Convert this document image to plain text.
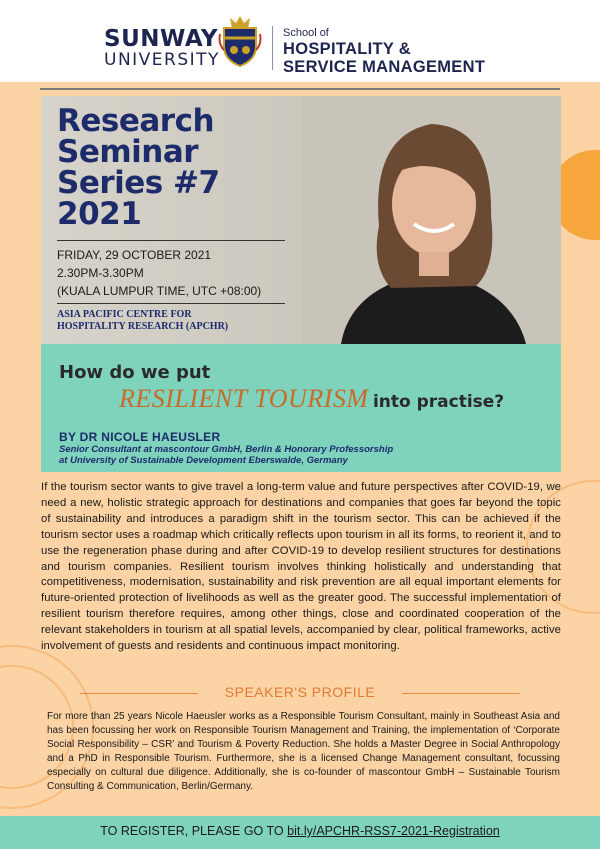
SUNWAY
UNIVERSITY
School of
HOSPITALITY &
SERVICE MANAGEMENT
Research
Seminar
Series #7
2021
FRIDAY, 29 OCTOBER 2021
2.30PM-3.30PM
(KUALA LUMPUR TIME, UTC +08:00)
ASIA PACIFIC CENTRE FOR
HOSPITALITY RESEARCH (APCHR)
How do we put
RESILIENT TOURISM into practise?
BY DR NICOLE HAEUSLER
Senior Consultant at mascontour GmbH, Berlin & Honorary Professorship
at University of Sustainable Development Eberswalde, Germany
If the tourism sector wants to give travel a long-term value and future perspectives after COVID-19, we need a new, holistic strategic approach for destinations and companies that goes far beyond the topic of sustainability and introduces a paradigm shift in the tourism sector. This can be achieved if the tourism sector uses a roadmap which critically reflects upon tourism in all its forms, to reorient it, and to use the regeneration phase during and after COVID-19 to develop resilient structures for destinations and tourism companies. Resilient tourism involves thinking holistically and understanding that competitiveness, modernisation, sustainability and risk prevention are all equal important elements for future-oriented protection of livelihoods as well as the greater good. The successful implementation of resilient tourism therefore requires, among other things, close and coordinated cooperation of the relevant stakeholders in tourism at all spatial levels, accompanied by clear, political frameworks, active involvement of guests and residents and continuous impact monitoring.
SPEAKER'S PROFILE
For more than 25 years Nicole Haeusler works as a Responsible Tourism Consultant, mainly in Southeast Asia and has been focussing her work on Responsible Tourism Management and Training, the implementation of ‘Corporate Social Responsibility – CSR’ and Tourism & Poverty Reduction. She holds a Master Degree in Social Anthropology and a PhD in Responsible Tourism. Furthermore, she is a licensed Change Management consultant, focussing especially on cultural due diligence. Additionally, she is co-founder of mascontour GmbH – Sustainable Tourism Consulting & Communication, Berlin/Germany.
TO REGISTER, PLEASE GO TO bit.ly/APCHR-RSS7-2021-Registration
